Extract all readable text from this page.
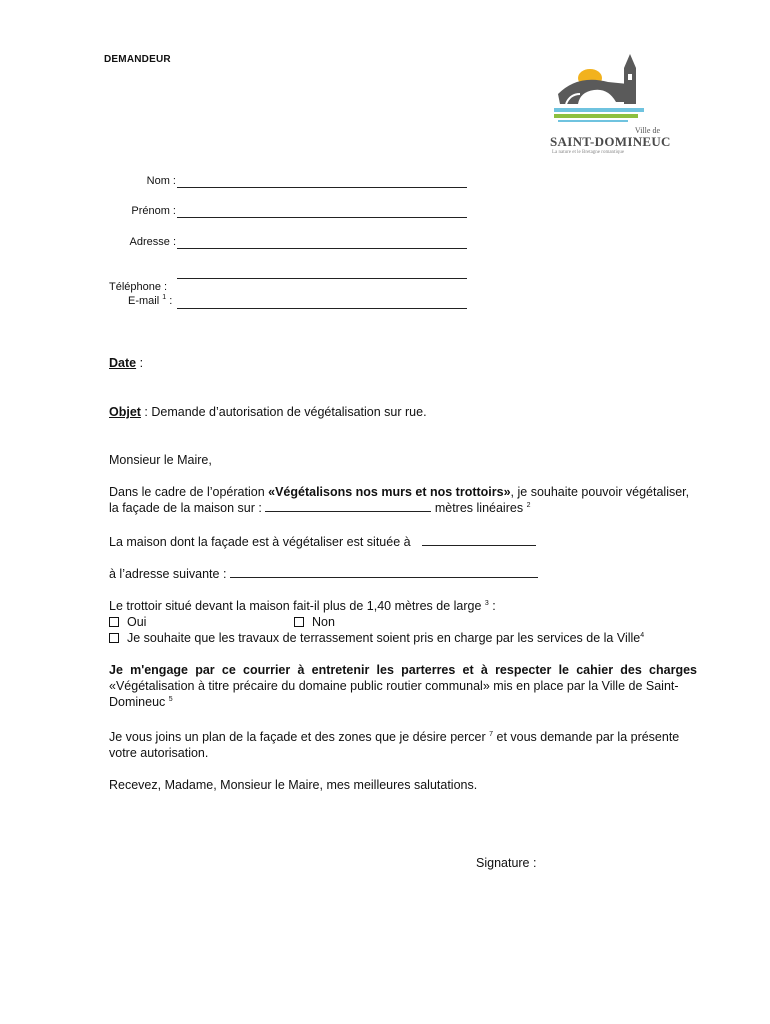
DEMANDEUR
Ville de
SAINT-DOMINEUC
La nature et le Bretagne romantique
Nom :
Prénom :
Adresse :
Téléphone :
E-mail $^1$ :
Date :
Objet : Demande d’autorisation de végétalisation sur rue.
Monsieur le Maire,
Dans le cadre de l’opération «Végétalisons nos murs et nos trottoirs», je souhaite pouvoir végétaliser,
la façade de la maison sur :	mètres linéaires $^2$
La maison dont la façade est à végétaliser est située à
à l’adresse suivante :
Le trottoir situé devant la maison fait-il plus de 1,40 mètres de large $^3$ :
Oui	Non
Je souhaite que les travaux de terrassement soient pris en charge par les services de la Ville$^4$
Je m'engage par ce courrier à entretenir les parterres et à respecter le cahier des charges
«Végétalisation à titre précaire du domaine public routier communal» mis en place par la Ville de Saint-
Domineuc $^5$
Je vous joins un plan de la façade et des zones que je désire percer $^7$ et vous demande par la présente
votre autorisation.
Recevez, Madame, Monsieur le Maire, mes meilleures salutations.
Signature :
